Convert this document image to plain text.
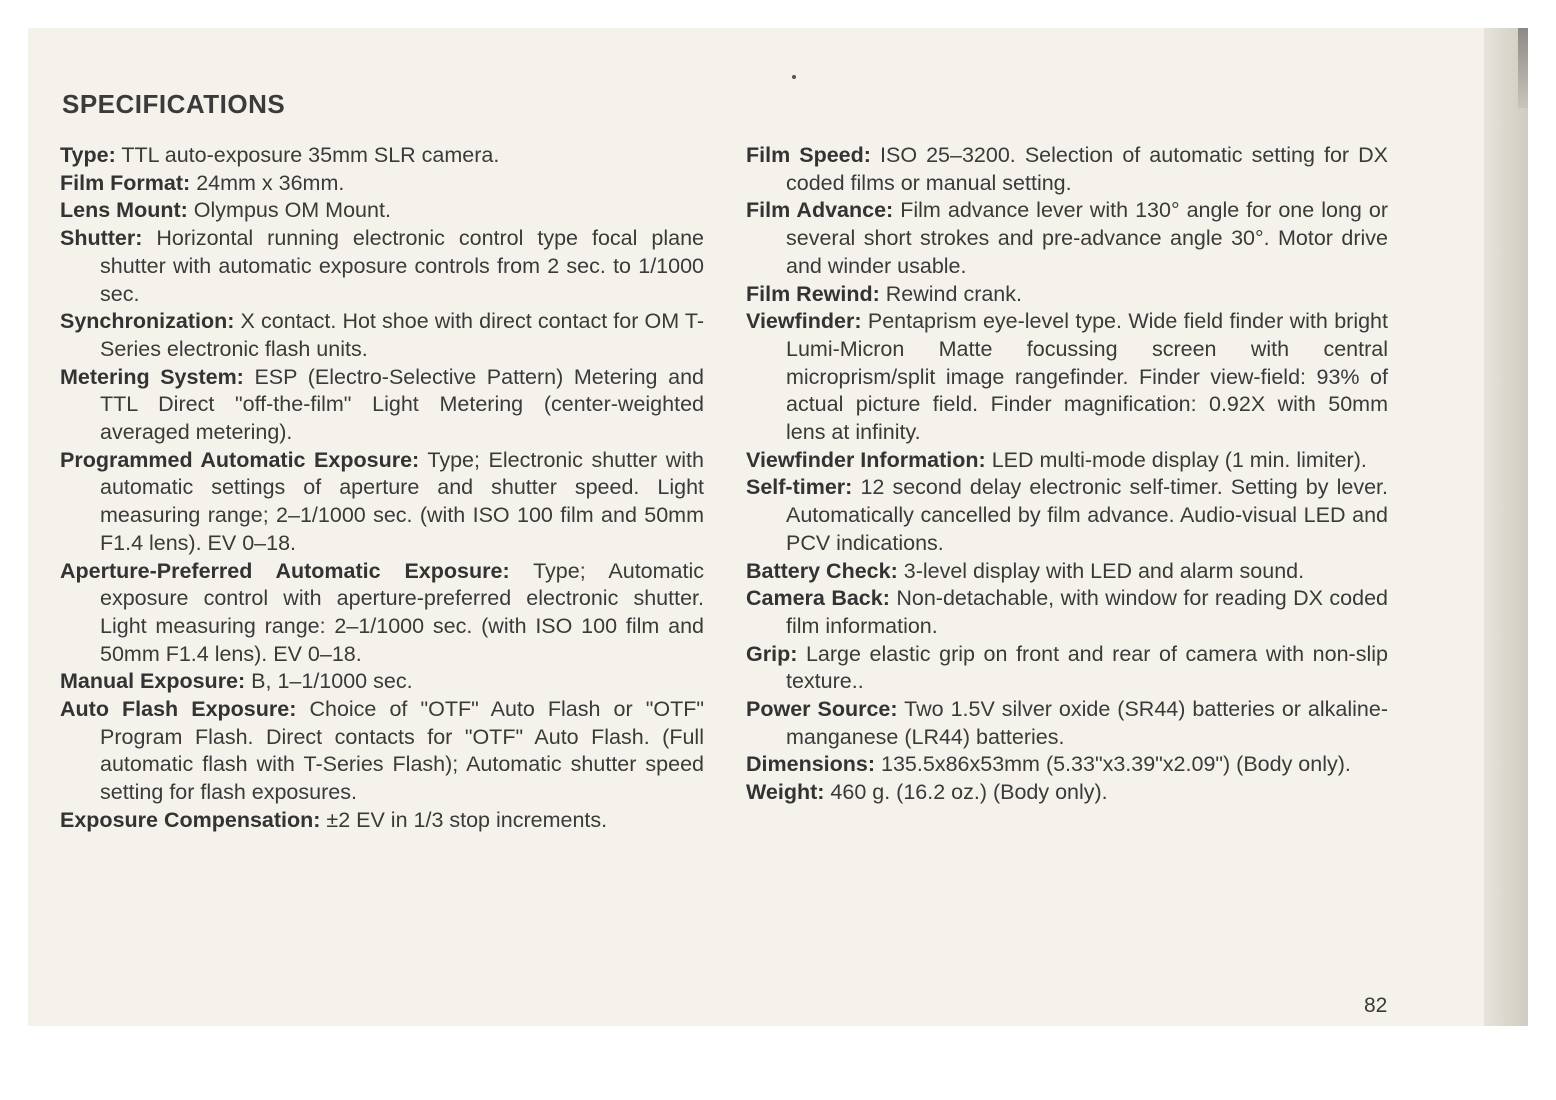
SPECIFICATIONS

Type: TTL auto-exposure 35mm SLR camera.

Film Format: 24mm x 36mm.

Lens Mount: Olympus OM Mount.

Shutter: Horizontal running electronic control type focal plane shutter with automatic exposure controls from 2 sec. to 1/1000 sec.

Synchronization: X contact. Hot shoe with direct contact for OM T-Series electronic flash units.

Metering System: ESP (Electro-Selective Pattern) Metering and TTL Direct "off-the-film" Light Metering (center-weighted averaged metering).

Programmed Automatic Exposure: Type; Electronic shutter with automatic settings of aperture and shutter speed. Light measuring range; 2–1/1000 sec. (with ISO 100 film and 50mm F1.4 lens). EV 0–18.

Aperture-Preferred Automatic Exposure: Type; Automatic exposure control with aperture-preferred electronic shutter. Light measuring range: 2–1/1000 sec. (with ISO 100 film and 50mm F1.4 lens). EV 0–18.

Manual Exposure: B, 1–1/1000 sec.

Auto Flash Exposure: Choice of "OTF" Auto Flash or "OTF" Program Flash. Direct contacts for "OTF" Auto Flash. (Full automatic flash with T-Series Flash); Automatic shutter speed setting for flash exposures.

Exposure Compensation: ±2 EV in 1/3 stop increments.

Film Speed: ISO 25–3200. Selection of automatic setting for DX coded films or manual setting.

Film Advance: Film advance lever with 130° angle for one long or several short strokes and pre-advance angle 30°. Motor drive and winder usable.

Film Rewind: Rewind crank.

Viewfinder: Pentaprism eye-level type. Wide field finder with bright Lumi-Micron Matte focussing screen with central microprism/split image rangefinder. Finder view-field: 93% of actual picture field. Finder magnification: 0.92X with 50mm lens at infinity.

Viewfinder Information: LED multi-mode display (1 min. limiter).

Self-timer: 12 second delay electronic self-timer. Setting by lever. Automatically cancelled by film advance. Audio-visual LED and PCV indications.

Battery Check: 3-level display with LED and alarm sound.

Camera Back: Non-detachable, with window for reading DX coded film information.

Grip: Large elastic grip on front and rear of camera with non-slip texture..

Power Source: Two 1.5V silver oxide (SR44) batteries or alkaline-manganese (LR44) batteries.

Dimensions: 135.5x86x53mm (5.33"x3.39"x2.09") (Body only).

Weight: 460 g. (16.2 oz.) (Body only).

82
